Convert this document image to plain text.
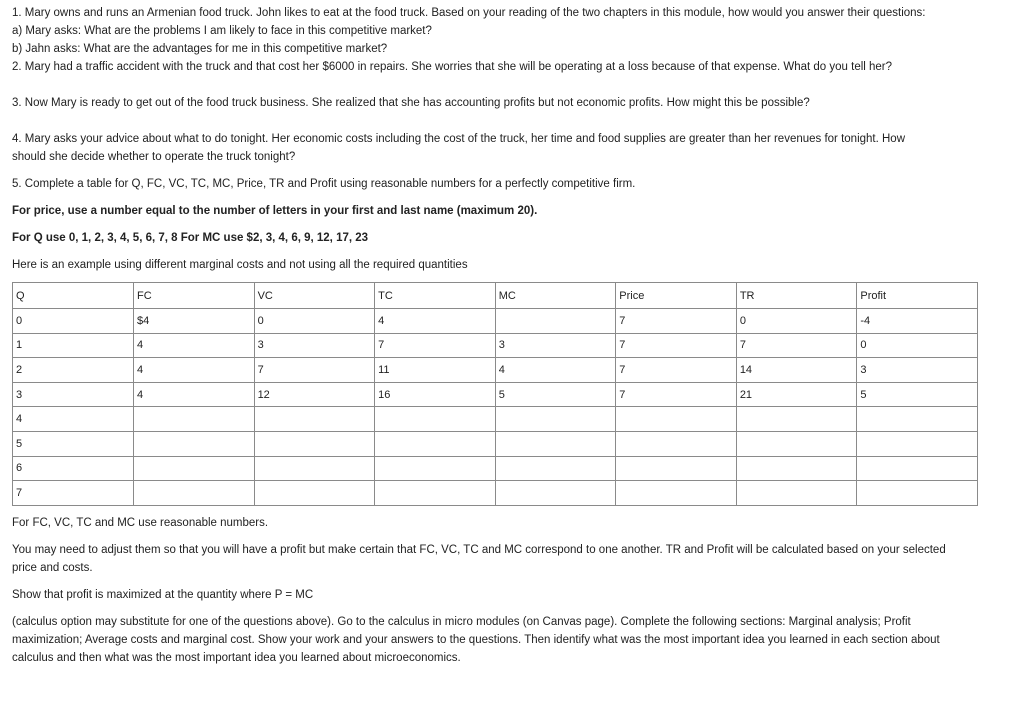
1. Mary owns and runs an Armenian food truck. John likes to eat at the food truck. Based on your reading of the two chapters in this module, how would you answer their questions:

a) Mary asks: What are the problems I am likely to face in this competitive market?

b) Jahn asks: What are the advantages for me in this competitive market?

2. Mary had a traffic accident with the truck and that cost her $6000 in repairs. She worries that she will be operating at a loss because of that expense. What do you tell her?

3. Now Mary is ready to get out of the food truck business. She realized that she has accounting profits but not economic profits. How might this be possible?

4. Mary asks your advice about what to do tonight. Her economic costs including the cost of the truck, her time and food supplies are greater than her revenues for tonight. How

should she decide whether to operate the truck tonight?

5. Complete a table for Q, FC, VC, TC, MC, Price, TR and Profit using reasonable numbers for a perfectly competitive firm.

For price, use a number equal to the number of letters in your first and last name (maximum 20).

For Q use 0, 1, 2, 3, 4, 5, 6, 7, 8 For MC use $2, 3, 4, 6, 9, 12, 17, 23

Here is an example using different marginal costs and not using all the required quantities

Q	FC	VC	TC	MC	Price	TR	Profit
0	$4	0	4		7	0	-4
1	4	3	7	3	7	7	0
2	4	7	11	4	7	14	3
3	4	12	16	5	7	21	5
4							
5							
6							
7							

For FC, VC, TC and MC use reasonable numbers.

You may need to adjust them so that you will have a profit but make certain that FC, VC, TC and MC correspond to one another. TR and Profit will be calculated based on your selected

price and costs.

Show that profit is maximized at the quantity where P = MC

(calculus option may substitute for one of the questions above). Go to the calculus in micro modules (on Canvas page). Complete the following sections: Marginal analysis; Profit

maximization; Average costs and marginal cost. Show your work and your answers to the questions. Then identify what was the most important idea you learned in each section about

calculus and then what was the most important idea you learned about microeconomics.
